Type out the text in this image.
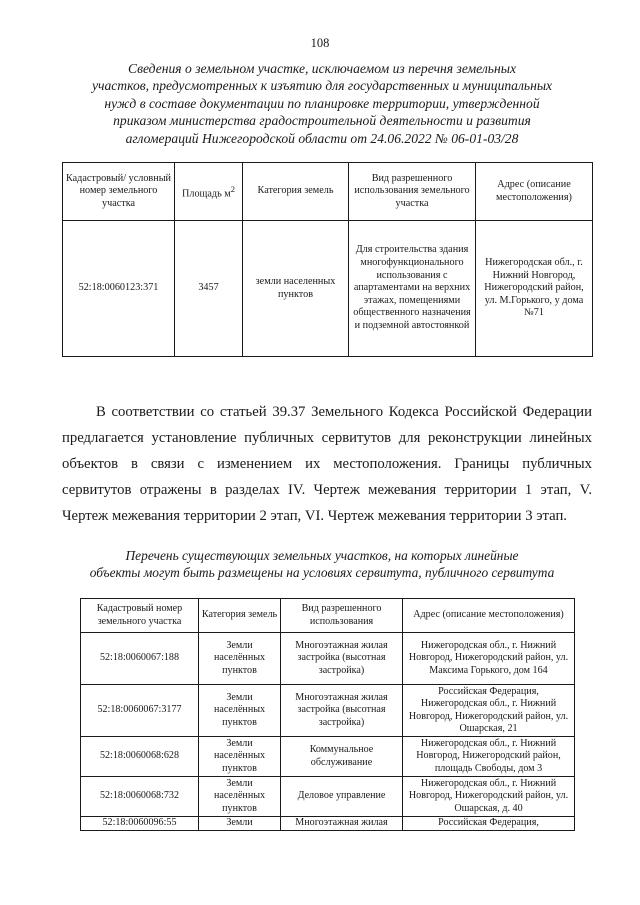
108
Сведения о земельном участке, исключаемом из перечня земельных
участков, предусмотренных к изъятию для государственных и муниципальных
нужд в составе документации по планировке территории, утвержденной
приказом министерства градостроительной деятельности и развития
агломераций Нижегородской области от 24.06.2022 № 06-01-03/28
Кадастровый/ условный номер земельного участка	Площадь $м^2$	Категория земель	Вид разрешенного использования земельного участка	Адрес (описание местоположения)
52:18:0060123:371	3457	земли населенных пунктов	Для строительства здания многофункционального использования с апартаментами на верхних этажах, помещениями общественного назначения и подземной автостоянкой	Нижегородская обл., г. Нижний Новгород, Нижегородский район, ул. М.Горького, у дома №71
В соответствии со статьей 39.37 Земельного Кодекса Российской Федерации
предлагается установление публичных сервитутов для реконструкции линейных
объектов в связи с изменением их местоположения. Границы публичных
сервитутов отражены в разделах IV. Чертеж межевания территории 1 этап, V.
Чертеж межевания территории 2 этап, VI. Чертеж межевания территории 3 этап.
Перечень существующих земельных участков, на которых линейные
объекты могут быть размещены на условиях сервитута, публичного сервитута
Кадастровый номер земельного участка	Категория земель	Вид разрешенного использования	Адрес (описание местоположения)
52:18:0060067:188	Земли населённых пунктов	Многоэтажная жилая застройка (высотная застройка)	Нижегородская обл., г. Нижний Новгород, Нижегородский район, ул. Максима Горького, дом 164
52:18:0060067:3177	Земли населённых пунктов	Многоэтажная жилая застройка (высотная застройка)	Российская Федерация, Нижегородская обл., г. Нижний Новгород, Нижегородский район, ул. Ошарская, 21
52:18:0060068:628	Земли населённых пунктов	Коммунальное обслуживание	Нижегородская обл., г. Нижний Новгород, Нижегородский район, площадь Свободы, дом 3
52:18:0060068:732	Земли населённых пунктов	Деловое управление	Нижегородская обл., г. Нижний Новгород, Нижегородский район, ул. Ошарская, д. 40
52:18:0060096:55	Земли	Многоэтажная жилая	Российская Федерация,
